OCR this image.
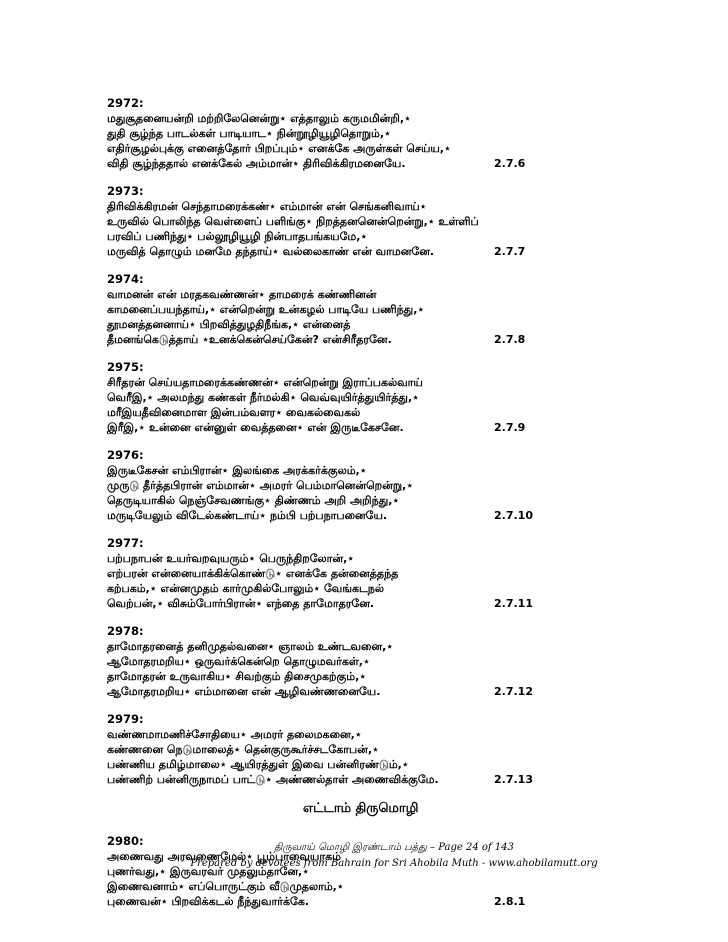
2972:
மதுசூதனையன்றி மற்றிலேனென்று⋆ எத்தாலும் கருமமின்றி,⋆
துதி சூழ்ந்த பாடல்கள் பாடியாட⋆ நின்றூழியூழிதொறும்,⋆
எதிர்சூழல்புக்கு எனைத்தோர் பிறப்பும்⋆ எனக்கே அருள்கள் செய்ய,⋆
விதி சூழ்ந்ததால் எனக்கேல் அம்மான்⋆ திரிவிக்கிரமனையே.	2.7.6
2973:
திரிவிக்கிரமன் செந்தாமரைக்கண்⋆ எம்மான் என் செங்கனிவாய்⋆
உருவில் பொலிந்த வெள்ளைப் பளிங்கு⋆ நிறத்தனனென்றென்று,⋆ உள்ளிப்
பரவிப் பணிந்து⋆ பல்லூழியூழி நின்பாதபங்கயமே,⋆
மருவித் தொழும் மனமே தந்தாய்⋆ வல்லைகாண் என் வாமனனே.	2.7.7
2974:
வாமனன் என் மரதகவண்ணன்⋆ தாமரைக் கண்ணினன்
காமனைப்பயந்தாய்,⋆ என்றென்று உன்கழல் பாடியே பணிந்து,⋆
தூமனத்தனனாய்⋆ பிறவித்துழதிநீங்க,⋆ என்னைத்
தீமனங்கெடுத்தாய் ⋆உனக்கென்செய்கேன்? என்சிரீதரனே.	2.7.8
2975:
சிரீதரன் செய்யதாமரைக்கண்ணன்⋆ என்றென்று இராப்பகல்வாய்
வெரீஇ,⋆ அலமந்து கண்கள் நீர்மல்கி⋆ வெவ்வுயிர்த்துயிர்த்து,⋆
மரீஇயதீவினைமாள இன்பம்வளர⋆ வைகல்வைகல்
இரீஇ,⋆ உன்னை என்னுள் வைத்தனை⋆ என் இருடீகேசனே.	2.7.9
2976:
இருடீகேசன் எம்பிரான்⋆ இலங்கை அரக்கர்க்குலம்,⋆
முருடு தீர்த்தபிரான் எம்மான்⋆ அமரர் பெம்மானென்றென்று,⋆
தெருடியாகில் நெஞ்சேவணங்கு⋆ திண்ணம் அறி அறிந்து,⋆
மருடியேலும் விடேல்கண்டாய்⋆ நம்பி பற்பநாபனையே.	2.7.10
2977:
பற்பநாபன் உயர்வறவுயரும்⋆ பெருந்திறலோன்,⋆
எற்பரன் என்னையாக்கிக்கொண்டு⋆ எனக்கே தன்னைத்தந்த
கற்பகம்,⋆ என்னமுதம் கார்முகில்போலும்⋆ வேங்கடநல்
வெற்பன்,⋆ விசும்போர்பிரான்⋆ எந்தை தாமோதரனே.	2.7.11
2978:
தாமோதரனைத் தனிமுதல்வனை⋆ ஞாலம் உண்டவனை,⋆
ஆமோதரமறிய⋆ ஒருவர்க்கென்றெ தொழுமவர்கள்,⋆
தாமோதரன் உருவாகிய⋆ சிவற்கும் திசைமுகற்கும்,⋆
ஆமோதரமறிய⋆ எம்மானை என் ஆழிவண்ணனையே.	2.7.12
2979:
வண்ணமாமணிச்சோதியை⋆ அமரர் தலைமகனை,⋆
கண்ணனை நெடுமாலைத்⋆ தென்குருகூர்ச்சடகோபன்,⋆
பண்ணிய தமிழ்மாலை⋆ ஆயிரத்துள் இவை பன்னிரண்டும்,⋆
பண்ணிற் பன்னிருநாமப் பாட்டு⋆ அண்ணல்தாள் அணைவிக்குமே.	2.7.13
எட்டாம் திருமொழி
2980:
அணைவது அரவணைமேல்⋆ பூம்பாவையாகம்
புணர்வது,⋆ இருவரவர் முதலும்தானே,⋆
இணைவனாம்⋆ எப்பொருட்கும் வீடுமுதலாம்,⋆
புணைவன்⋆ பிறவிக்கடல் நீந்துவார்க்கே.	2.8.1
திருவாய் மொழி இரண்டாம் பத்து – Page 24 of 143
Prepared by devotees from Bahrain for Sri Ahobila Muth - www.ahobilamutt.org
